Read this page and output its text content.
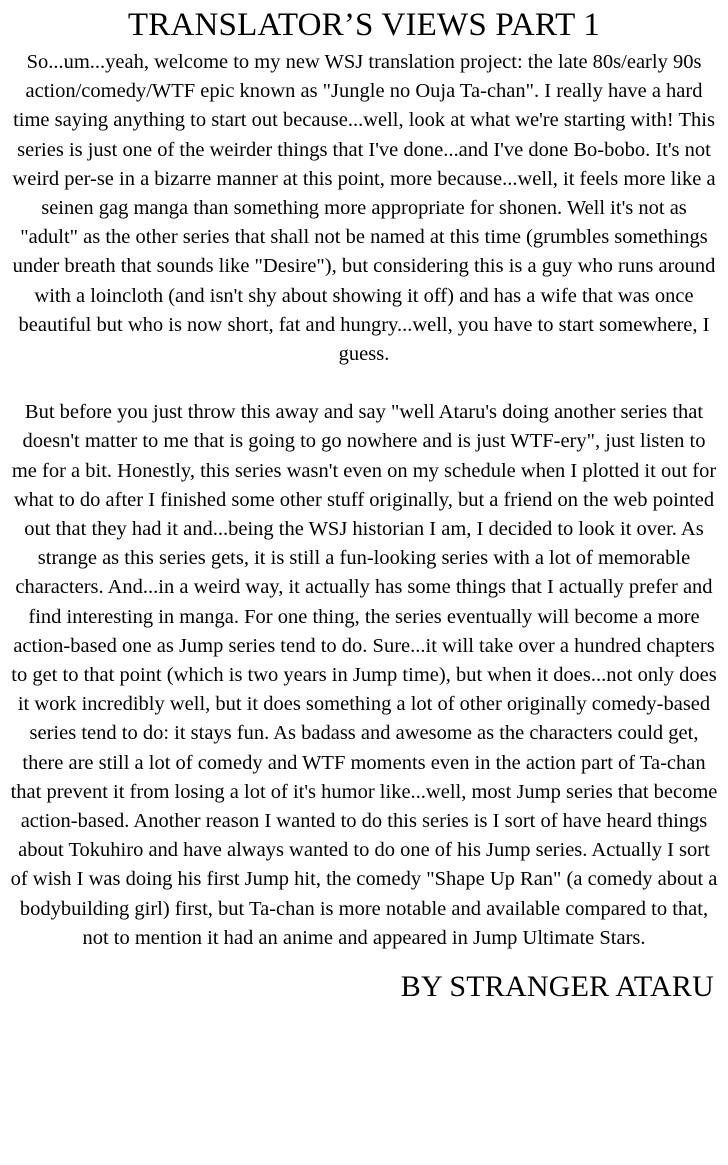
TRANSLATOR’S VIEWS PART 1

So...um...yeah, welcome to my new WSJ translation project: the late 80s/early 90s action/comedy/WTF epic known as "Jungle no Ouja Ta-chan". I really have a hard time saying anything to start out because...well, look at what we're starting with! This series is just one of the weirder things that I've done...and I've done Bo-bobo. It's not weird per-se in a bizarre manner at this point, more because...well, it feels more like a seinen gag manga than something more appropriate for shonen. Well it's not as "adult" as the other series that shall not be named at this time (grumbles somethings under breath that sounds like "Desire"), but considering this is a guy who runs around with a loincloth (and isn't shy about showing it off) and has a wife that was once beautiful but who is now short, fat and hungry...well, you have to start somewhere, I guess.

But before you just throw this away and say "well Ataru's doing another series that doesn't matter to me that is going to go nowhere and is just WTF-ery", just listen to me for a bit. Honestly, this series wasn't even on my schedule when I plotted it out for what to do after I finished some other stuff originally, but a friend on the web pointed out that they had it and...being the WSJ historian I am, I decided to look it over. As strange as this series gets, it is still a fun-looking series with a lot of memorable characters. And...in a weird way, it actually has some things that I actually prefer and find interesting in manga. For one thing, the series eventually will become a more action-based one as Jump series tend to do. Sure...it will take over a hundred chapters to get to that point (which is two years in Jump time), but when it does...not only does it work incredibly well, but it does something a lot of other originally comedy-based series tend to do: it stays fun. As badass and awesome as the characters could get, there are still a lot of comedy and WTF moments even in the action part of Ta-chan that prevent it from losing a lot of it's humor like...well, most Jump series that become action-based. Another reason I wanted to do this series is I sort of have heard things about Tokuhiro and have always wanted to do one of his Jump series. Actually I sort of wish I was doing his first Jump hit, the comedy "Shape Up Ran" (a comedy about a bodybuilding girl) first, but Ta-chan is more notable and available compared to that, not to mention it had an anime and appeared in Jump Ultimate Stars.

BY STRANGER ATARU
